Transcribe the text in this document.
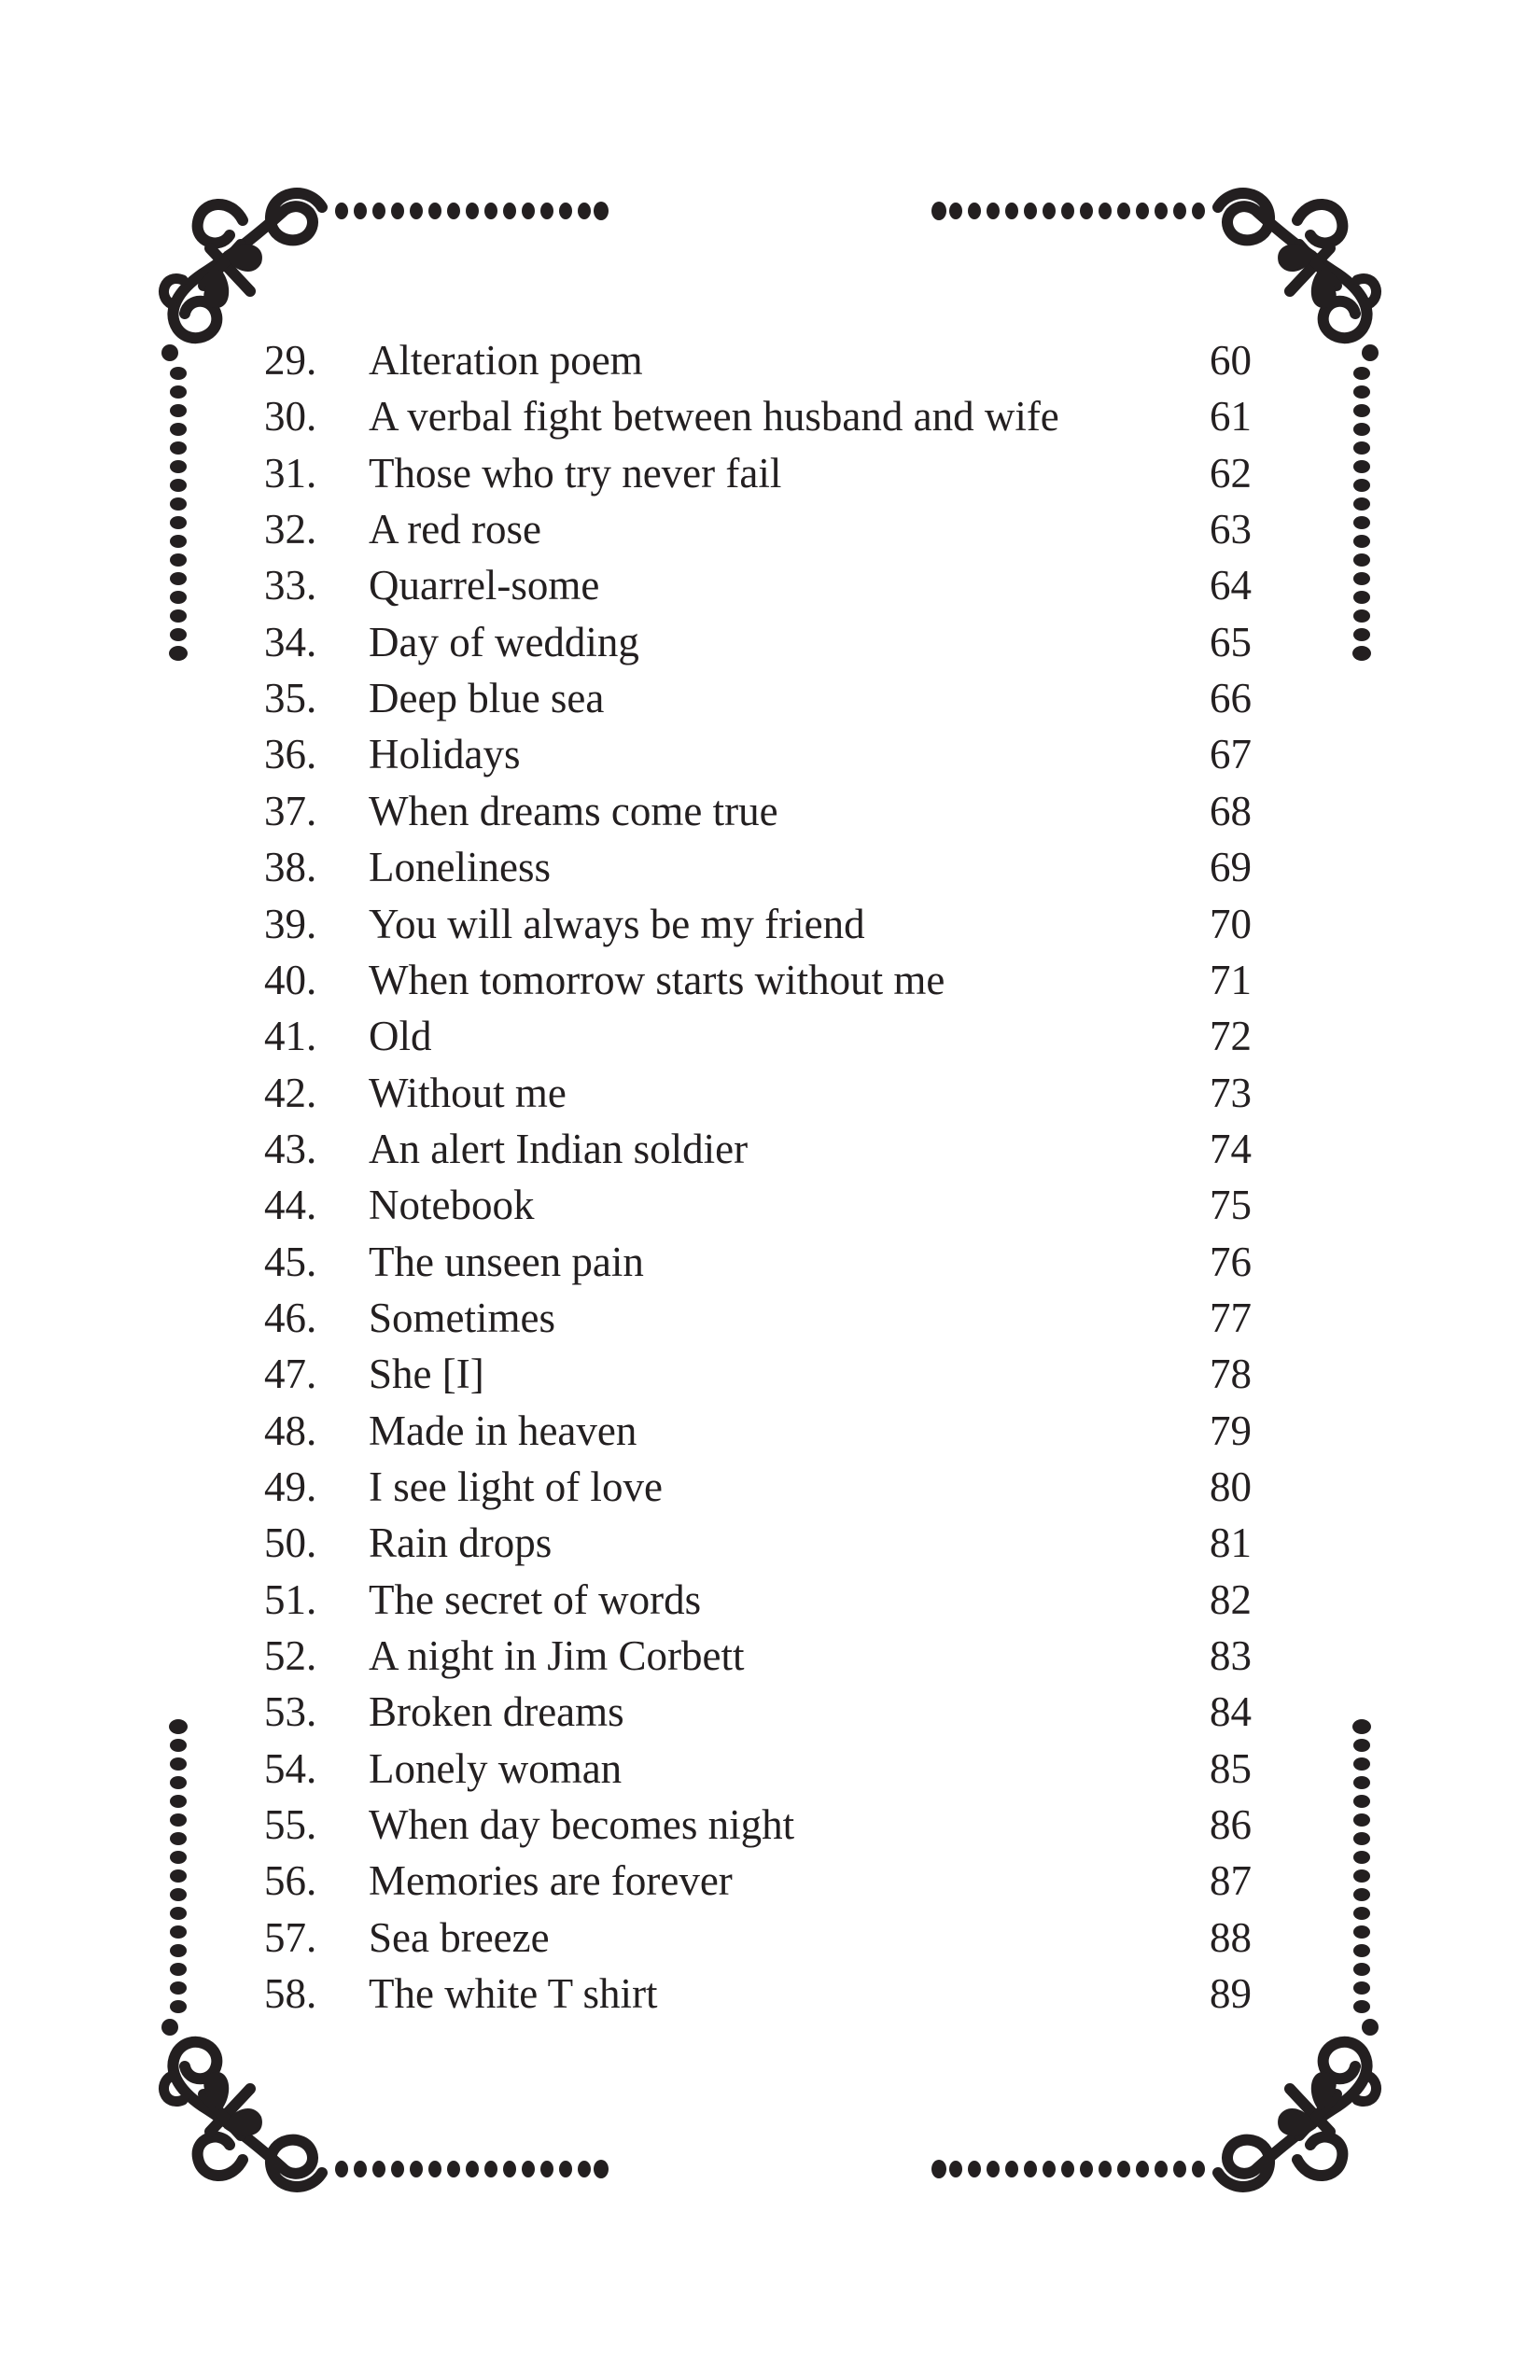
29.	Alteration poem	60
30.	A verbal fight between husband and wife	61
31.	Those who try never fail	62
32.	A red rose	63
33.	Quarrel-some	64
34.	Day of wedding	65
35.	Deep blue sea	66
36.	Holidays	67
37.	When dreams come true	68
38.	Loneliness	69
39.	You will always be my friend	70
40.	When tomorrow starts without me	71
41.	Old	72
42.	Without me	73
43.	An alert Indian soldier	74
44.	Notebook	75
45.	The unseen pain	76
46.	Sometimes	77
47.	She [I]	78
48.	Made in heaven	79
49.	I see light of love	80
50.	Rain drops	81
51.	The secret of words	82
52.	A night in Jim Corbett	83
53.	Broken dreams	84
54.	Lonely woman	85
55.	When day becomes night	86
56.	Memories are forever	87
57.	Sea breeze	88
58.	The white T shirt	89
